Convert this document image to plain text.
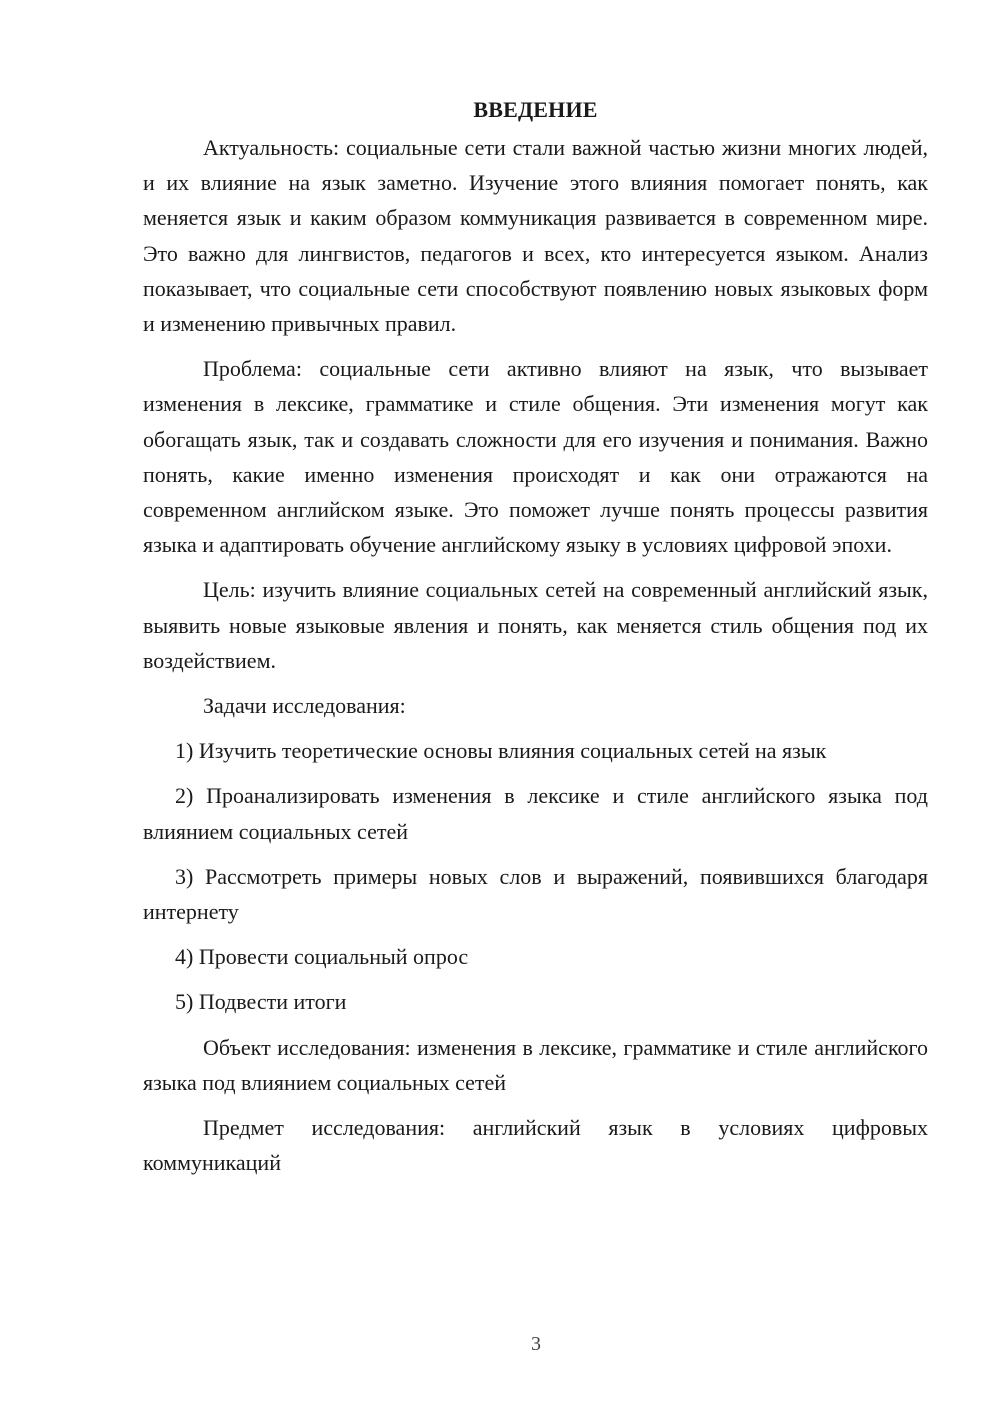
ВВЕДЕНИЕ

Актуальность: социальные сети стали важной частью жизни многих людей, и их влияние на язык заметно. Изучение этого влияния помогает понять, как меняется язык и каким образом коммуникация развивается в современном мире. Это важно для лингвистов, педагогов и всех, кто интересуется языком. Анализ показывает, что социальные сети способствуют появлению новых языковых форм и изменению привычных правил.

Проблема: социальные сети активно влияют на язык, что вызывает изменения в лексике, грамматике и стиле общения. Эти изменения могут как обогащать язык, так и создавать сложности для его изучения и понимания. Важно понять, какие именно изменения происходят и как они отражаются на современном английском языке. Это поможет лучше понять процессы развития языка и адаптировать обучение английскому языку в условиях цифровой эпохи.

Цель: изучить влияние социальных сетей на современный английский язык, выявить новые языковые явления и понять, как меняется стиль общения под их воздействием.

Задачи исследования:

1) Изучить теоретические основы влияния социальных сетей на язык

2) Проанализировать изменения в лексике и стиле английского языка под влиянием социальных сетей

3) Рассмотреть примеры новых слов и выражений, появившихся благодаря интернету

4) Провести социальный опрос

5) Подвести итоги

Объект исследования: изменения в лексике, грамматике и стиле английского языка под влиянием социальных сетей

Предмет исследования: английский язык в условиях цифровых коммуникаций

3
